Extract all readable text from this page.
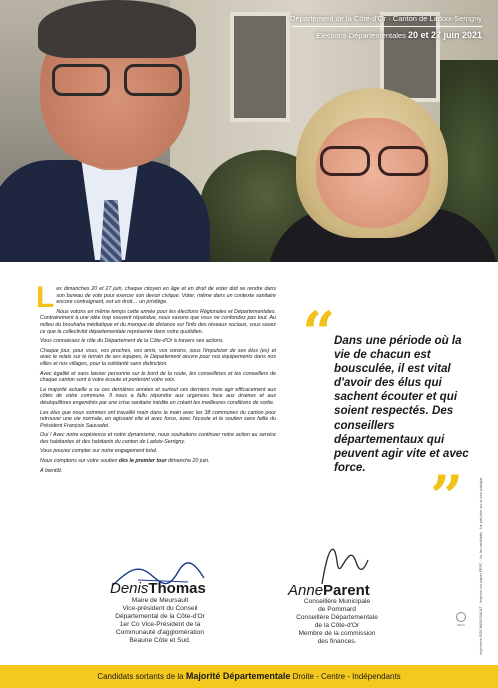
Département de la Côte-d'Or · Canton de Ladoix-Serrigny
Elections Départementales 20 et 27 juin 2021

Les dimanches 20 et 27 juin, chaque citoyen en âge et en droit de voter doit se rendre dans son bureau de vote pour exercer son devoir civique. Voter, même dans un contexte sanitaire encore contraignant, est un droit… un privilège.

Nous votons en même temps cette année pour les élections Régionales et Départementales. Contrairement à une idée trop souvent répandue, nous savons que vous ne confondez pas tout. Au milieu du brouhaha médiatique et du manque de distance sur l'info des réseaux sociaux, vous savez ce que la collectivité départementale représente dans votre quotidien.

Vous connaissez le rôle du Département de la Côte-d'Or à travers ses actions.

Chaque jour, pour vous, vos proches, vos amis, vos voisins, sous l'impulsion de ses élus (es) et avec le relais sur le terrain de ses équipes, le Département œuvre pour nos équipements dans nos villes et nos villages, pour la solidarité sans distinction.

Avec égalité et sans laisser personne sur le bord de la route, les conseillères et les conseillers de chaque canton sont à votre écoute et porteront votre voix.

La majorité actuelle a su ces dernières années et surtout ces derniers mois agir efficacement aux côtés de votre commune. Il nous a fallu répondre aux urgences face aux drames et aux déséquilibres engendrés par une crise sanitaire inédite en créant les meilleures conditions de sortie.

Les élus que nous sommes ont travaillé main dans la main avec les 38 communes du canton pour retrouver une vie normale, en agissant vite et avec force, avec l'écoute et le soutien sans faille du Président François Sauvadet.

Oui ! Avec notre expérience et notre dynamisme, nous souhaitons continuer notre action au service des habitantes et des habitants du canton de Ladoix-Serrigny.

Vous pouvez compter sur notre engagement total.

Nous comptons sur votre soutien dès le premier tour dimanche 20 juin.

À bientôt.

“
Dans une période où la vie de chacun est bousculée, il est vital d'avoir des élus qui sachent écouter et qui soient respectés. Des conseillers départementaux qui peuvent agir vite et avec force.	”	Imprimerie ROS MOUSSAULT · Imprimé sur papier PEFC · Vu, les candidats · Ne pas jeter sur la voie publique
DenisThomas
Maire de Meursault
Vice-président du Conseil
Départemental de la Côte-d'Or
1er Co Vice-Président de la
Communauté d'agglomération
Beaune Côte et Sud.
AnneParent
Conseillère Municipale
de Pommard
Conseillère Départementale
de la Côte-d'Or
Membre de la commission
des finances.
PEFC
Candidats sortants de la Majorité Départementale Droite - Centre - Indépendants
